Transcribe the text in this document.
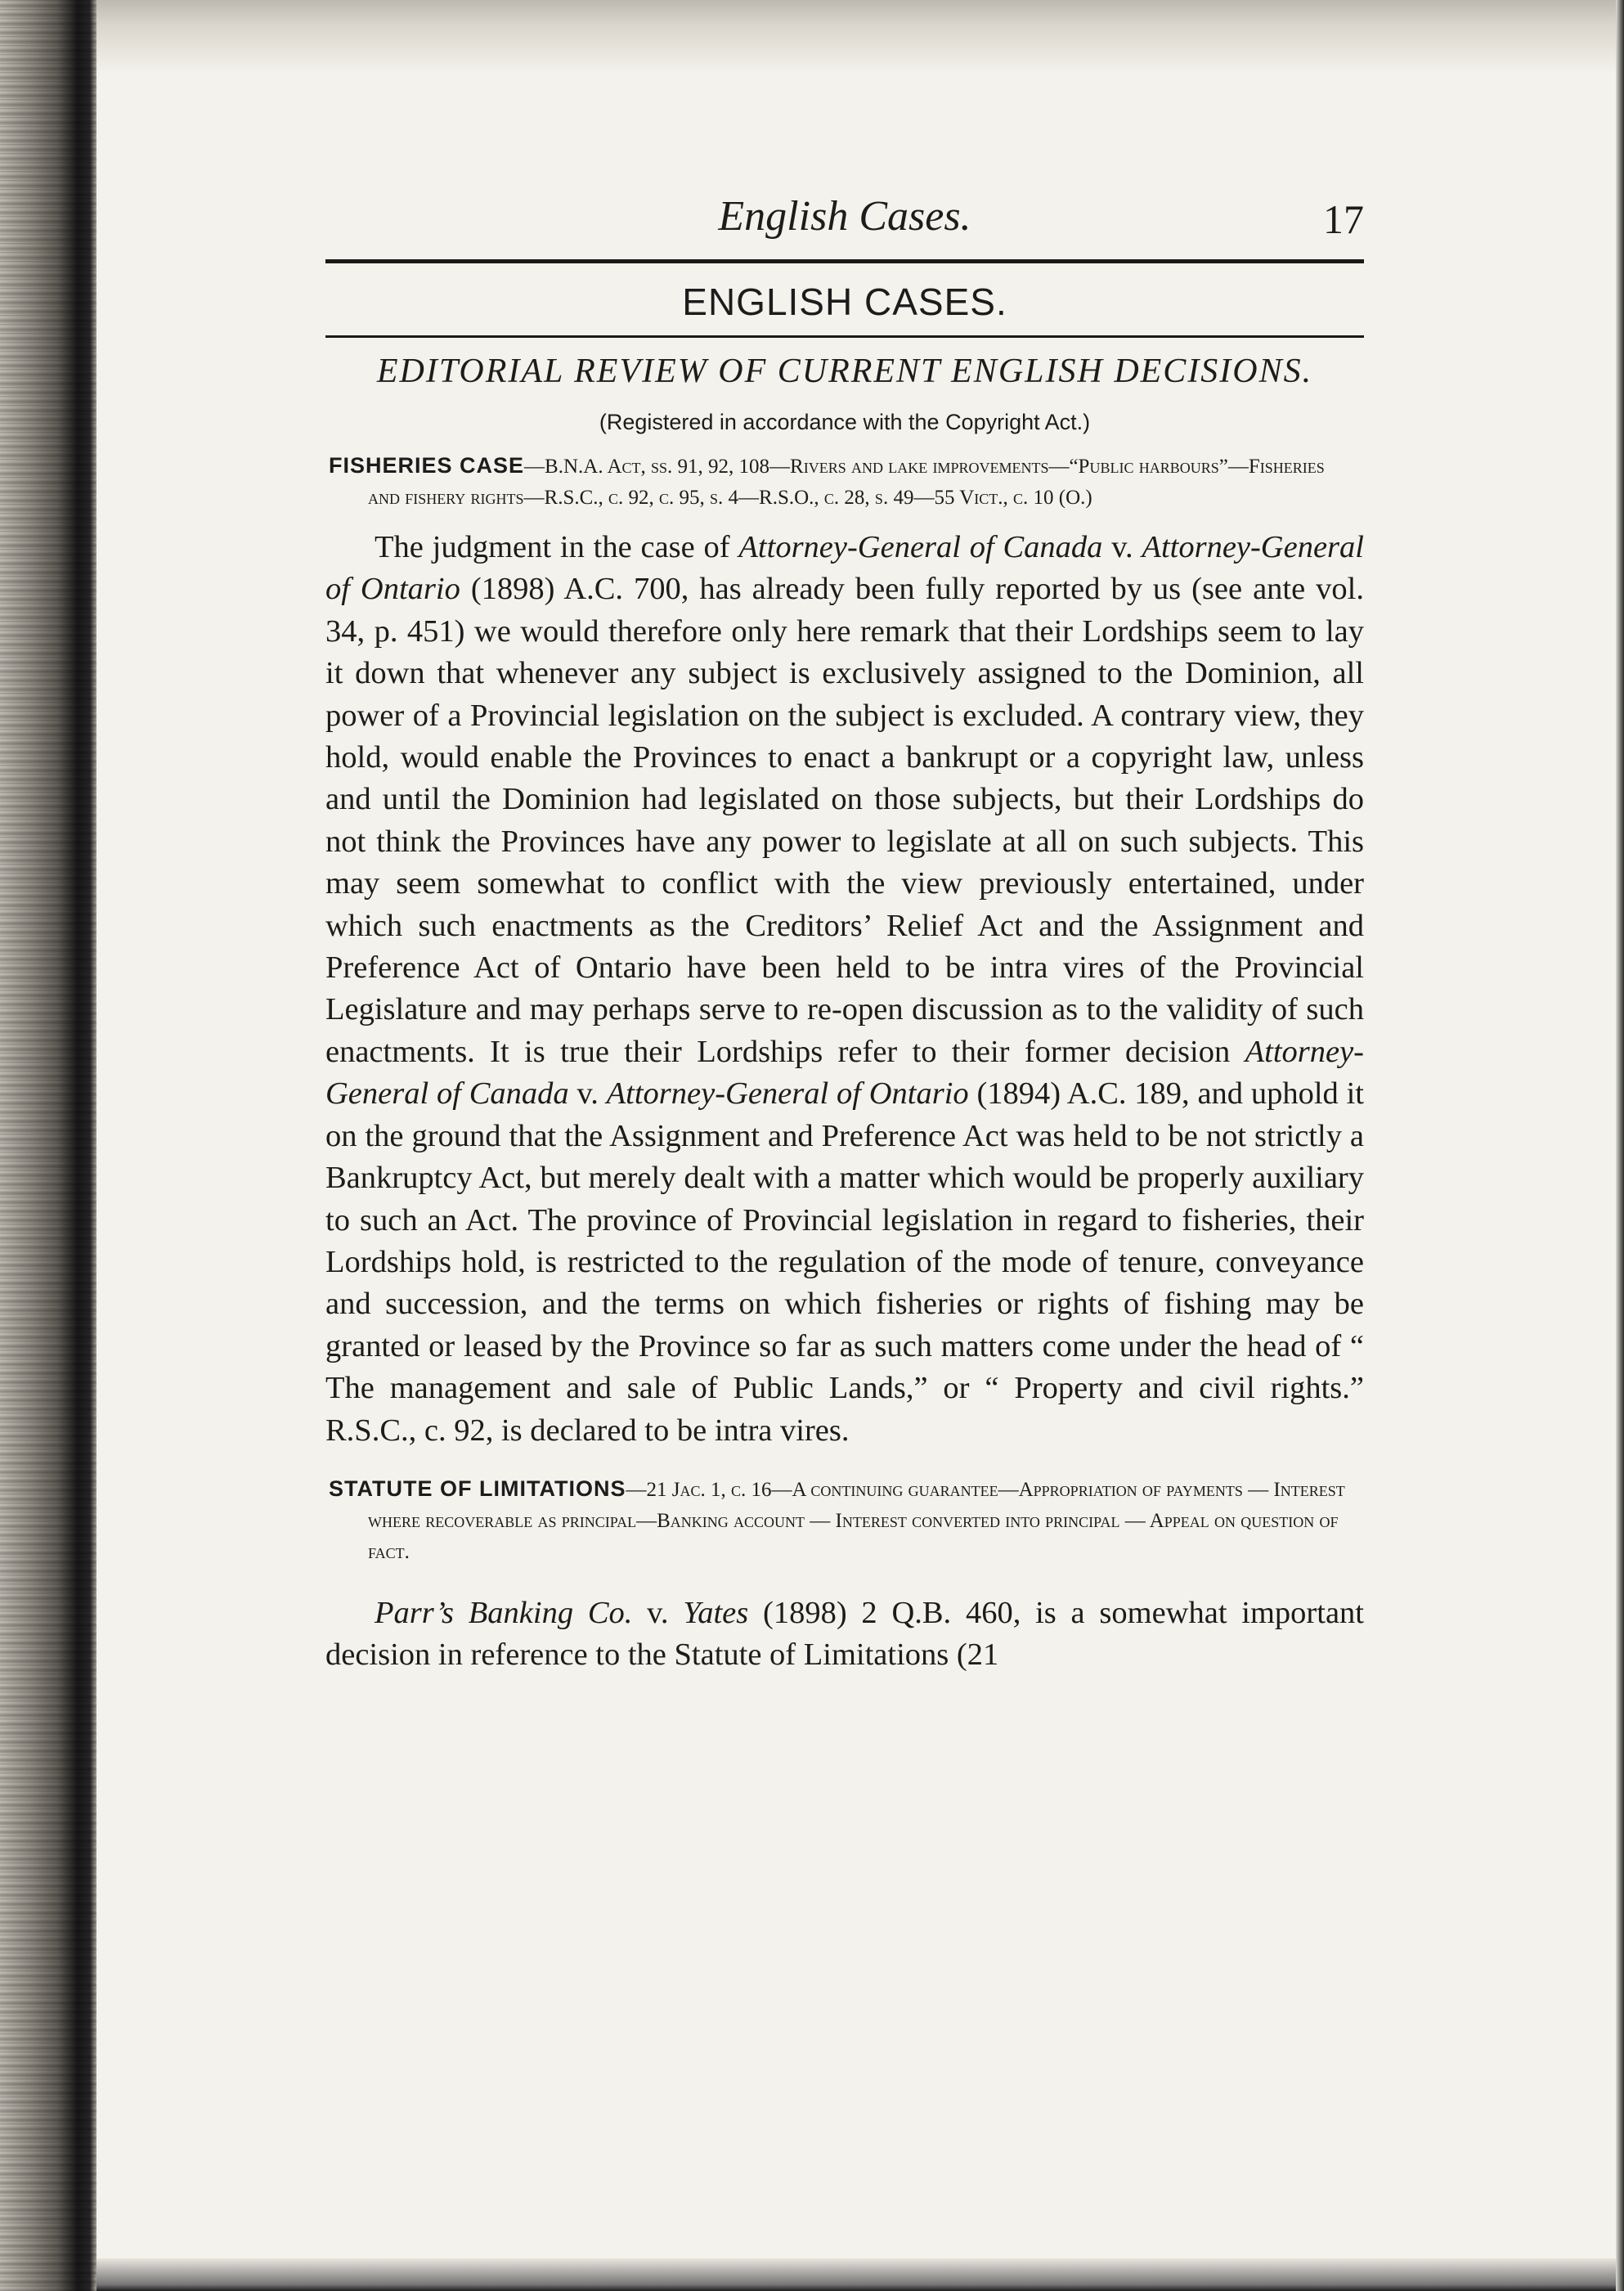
English Cases.	17
ENGLISH CASES.
EDITORIAL REVIEW OF CURRENT ENGLISH DECISIONS.
(Registered in accordance with the Copyright Act.)
FISHERIES CASE—B.N.A. Act, ss. 91, 92, 108—Rivers and lake improvements—“Public harbours”—Fisheries and fishery rights—R.S.C., c. 92, c. 95, s. 4—R.S.O., c. 28, s. 49—55 Vict., c. 10 (O.)

The judgment in the case of Attorney-General of Canada v. Attorney-General of Ontario (1898) A.C. 700, has already been fully reported by us (see ante vol. 34, p. 451) we would therefore only here remark that their Lordships seem to lay it down that whenever any subject is exclusively assigned to the Dominion, all power of a Provincial legislation on the subject is excluded. A contrary view, they hold, would enable the Provinces to enact a bankrupt or a copyright law, unless and until the Dominion had legislated on those subjects, but their Lordships do not think the Provinces have any power to legislate at all on such subjects. This may seem somewhat to conflict with the view previously entertained, under which such enactments as the Creditors’ Relief Act and the Assignment and Preference Act of Ontario have been held to be intra vires of the Provincial Legislature and may perhaps serve to re-open discussion as to the validity of such enactments. It is true their Lordships refer to their former decision Attorney-General of Canada v. Attorney-General of Ontario (1894) A.C. 189, and uphold it on the ground that the Assignment and Preference Act was held to be not strictly a Bankruptcy Act, but merely dealt with a matter which would be properly auxiliary to such an Act. The province of Provincial legislation in regard to fisheries, their Lordships hold, is restricted to the regulation of the mode of tenure, conveyance and succession, and the terms on which fisheries or rights of fishing may be granted or leased by the Province so far as such matters come under the head of “ The management and sale of Public Lands,” or “ Property and civil rights.” R.S.C., c. 92, is declared to be intra vires.

STATUTE OF LIMITATIONS—21 Jac. 1, c. 16—A continuing guarantee—Appropriation of payments — Interest where recoverable as principal—Banking account — Interest converted into principal — Appeal on question of fact.

Parr’s Banking Co. v. Yates (1898) 2 Q.B. 460, is a somewhat important decision in reference to the Statute of Limitations (21
